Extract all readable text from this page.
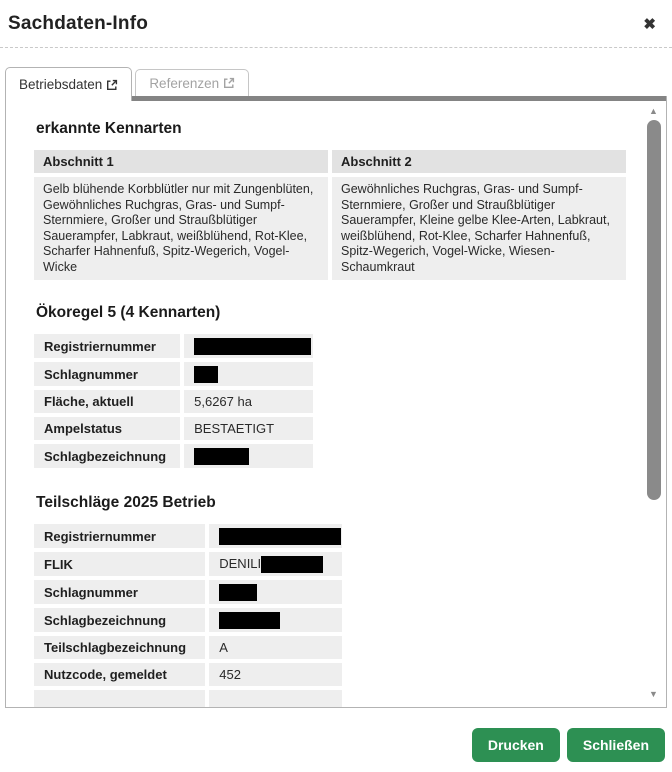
Sachdaten-Info	✖
Betriebsdaten	Referenzen
erkannte Kennarten
Abschnitt 1	Abschnitt 2
Gelb blühende Korbblütler nur mit Zungenblüten, Gewöhnliches Ruchgras, Gras- und Sumpf-Sternmiere, Großer und Straußblütiger Sauerampfer, Labkraut, weißblühend, Rot-Klee, Scharfer Hahnenfuß, Spitz-Wegerich, Vogel-Wicke	Gewöhnliches Ruchgras, Gras- und Sumpf-Sternmiere, Großer und Straußblütiger Sauerampfer, Kleine gelbe Klee-Arten, Labkraut, weißblühend, Rot-Klee, Scharfer Hahnenfuß, Spitz-Wegerich, Vogel-Wicke, Wiesen-Schaumkraut
Ökoregel 5 (4 Kennarten)
Registriernummer	
Schlagnummer	
Fläche, aktuell	5,6267 ha
Ampelstatus	BESTAETIGT
Schlagbezeichnung	
Teilschläge 2025 Betrieb
Registriernummer	
FLIK	DENILI
Schlagnummer	
Schlagbezeichnung	
Teilschlagbezeichnung	A
Nutzcode, gemeldet	452

▲
▼
Drucken	Schließen
